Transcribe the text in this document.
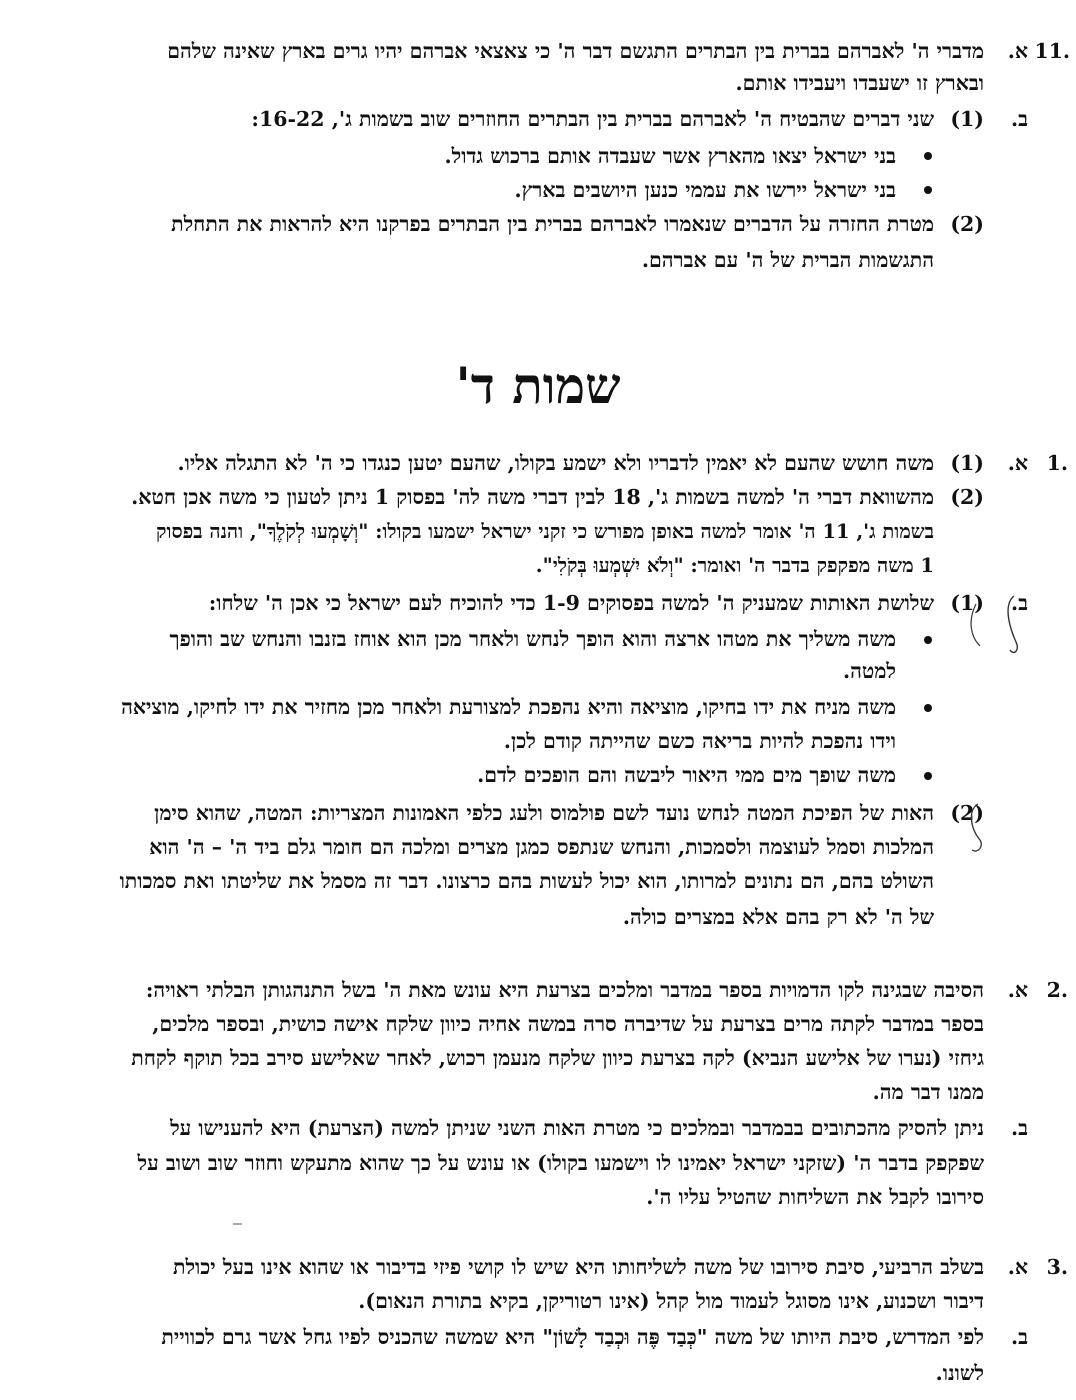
.11
א.
מדברי ה' לאברהם בברית בין הבתרים התגשם דבר ה' כי צאצאי אברהם יהיו גרים בארץ שאינה שלהם
ובארץ זו ישעבדו ויעבידו אותם.
ב.
(1)
שני דברים שהבטיח ה' לאברהם בברית בין הבתרים החוזרים שוב בשמות ג', 16-22:
בני ישראל יצאו מהארץ אשר שעבדה אותם ברכוש גדול.
בני ישראל יירשו את עממי כנען היושבים בארץ.
(2)
מטרת החזרה על הדברים שנאמרו לאברהם בברית בין הבתרים בפרקנו היא להראות את התחלת
התגשמות הברית של ה' עם אברהם.
שמות ד'
.1
א.
(1)
משה חושש שהעם לא יאמין לדבריו ולא ישמע בקולו, שהעם יטען כנגדו כי ה' לא התגלה אליו.
(2)
מהשוואת דברי ה' למשה בשמות ג', 18 לבין דברי משה לה' בפסוק 1 ניתן לטעון כי משה אכן חטא.
בשמות ג', 11 ה' אומר למשה באופן מפורש כי זקני ישראל ישמעו בקולו: "וְשָׁמְעוּ לְקֹלֶךָ", והנה בפסוק
1 משה מפקפק בדבר ה' ואומר: "וְלֹא יִשְׁמְעוּ בְּקֹלִי".
ב.
(1)
שלושת האותות שמעניק ה' למשה בפסוקים 1-9 כדי להוכיח לעם ישראל כי אכן ה' שלחו:
משה משליך את מטהו ארצה והוא הופך לנחש ולאחר מכן הוא אוחז בזנבו והנחש שב והופך
למטה.
משה מניח את ידו בחיקו, מוציאה והיא נהפכת למצורעת ולאחר מכן מחזיר את ידו לחיקו, מוציאה
וידו נהפכת להיות בריאה כשם שהייתה קודם לכן.
משה שופך מים ממי היאור ליבשה והם הופכים לדם.
(2)
האות של הפיכת המטה לנחש נועד לשם פולמוס ולעג כלפי האמונות המצריות: המטה, שהוא סימן
המלכות וסמל לעוצמה ולסמכות, והנחש שנתפס כמגן מצרים ומלכה הם חומר גלם ביד ה' – ה' הוא
השולט בהם, הם נתונים למרותו, הוא יכול לעשות בהם כרצונו. דבר זה מסמל את שליטתו ואת סמכותו
של ה' לא רק בהם אלא במצרים כולה.
.2
א.
הסיבה שבגינה לקו הדמויות בספר במדבר ומלכים בצרעת היא עונש מאת ה' בשל התנהגותן הבלתי ראויה:
בספר במדבר לקתה מרים בצרעת על שדיברה סרה במשה אחיה כיוון שלקח אישה כושית, ובספר מלכים,
גיחזי (נערו של אלישע הנביא) לקה בצרעת כיוון שלקח מנעמן רכוש, לאחר שאלישע סירב בכל תוקף לקחת
ממנו דבר מה.
ב.
ניתן להסיק מהכתובים בבמדבר ובמלכים כי מטרת האות השני שניתן למשה (הצרעת) היא להענישו על
שפקפק בדבר ה' (שזקני ישראל יאמינו לו וישמעו בקולו) או עונש על כך שהוא מתעקש וחוזר שוב ושוב על
סירובו לקבל את השליחות שהטיל עליו ה'.
.3
א.
בשלב הרביעי, סיבת סירובו של משה לשליחותו היא שיש לו קושי פיזי בדיבור או שהוא אינו בעל יכולת
דיבור ושכנוע, אינו מסוגל לעמוד מול קהל (אינו רטוריקן, בקיא בתורת הנאום).
ב.
לפי המדרש, סיבת היותו של משה "כְּבַד פֶּה וּכְבַד לָשׁוֹן" היא שמשה שהכניס לפיו גחל אשר גרם לכוויית
לשונו.
